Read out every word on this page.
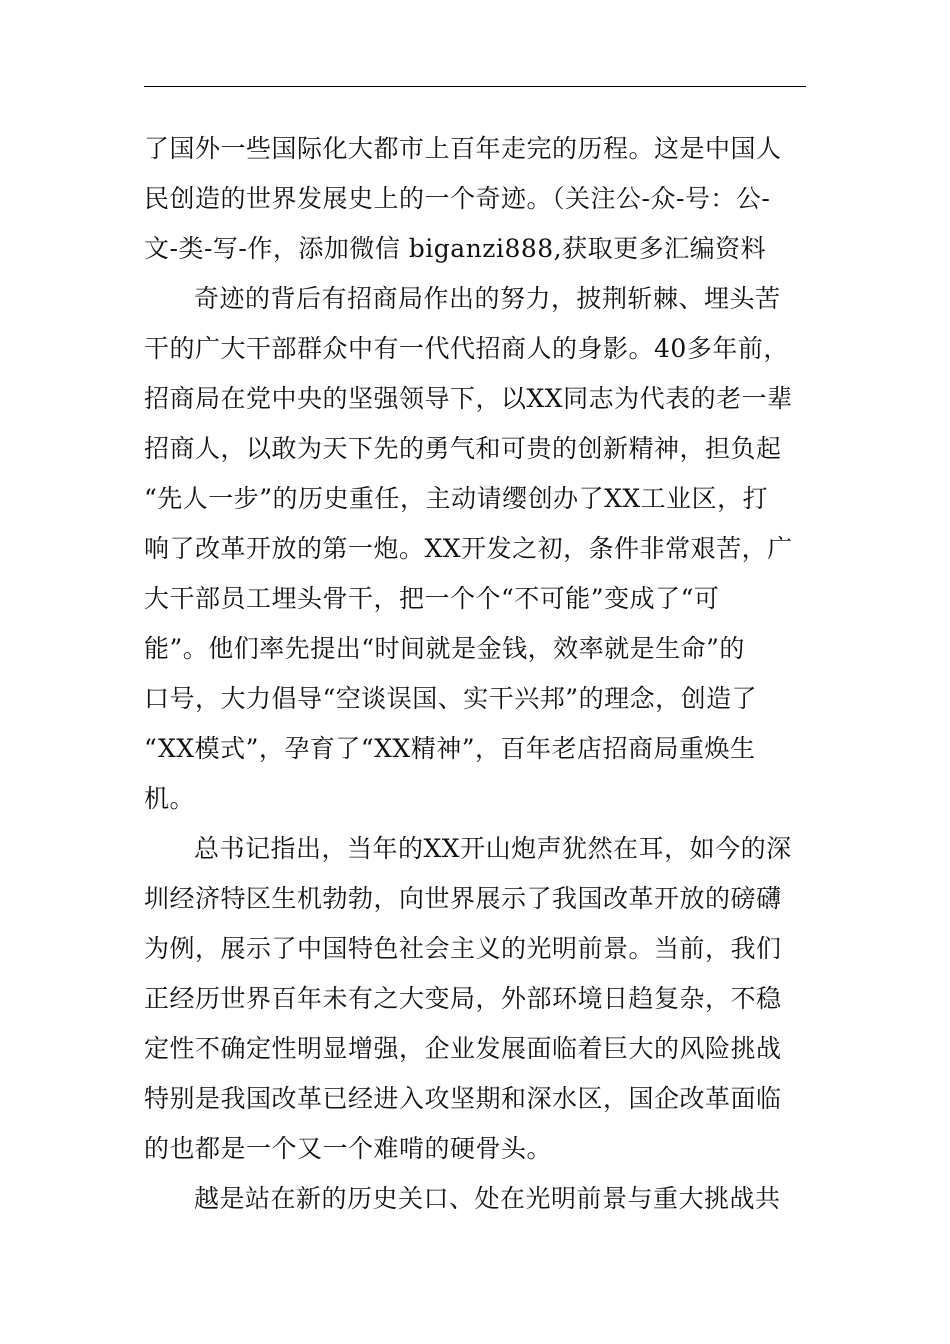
了国外一些国际化大都市上百年走完的历程。这是中国人
民创造的世界发展史上的一个奇迹。（关注公-众-号：公-
文-类-写-作，添加微信 biganzi888,获取更多汇编资料
奇迹的背后有招商局作出的努力，披荆斩棘、埋头苦
干的广大干部群众中有一代代招商人的身影。40多年前，
招商局在党中央的坚强领导下，以XX同志为代表的老一辈
招商人，以敢为天下先的勇气和可贵的创新精神，担负起
“先人一步”的历史重任，主动请缨创办了XX工业区，打
响了改革开放的第一炮。XX开发之初，条件非常艰苦，广
大干部员工埋头骨干，把一个个“不可能”变成了“可
能”。他们率先提出“时间就是金钱，效率就是生命”的
口号，大力倡导“空谈误国、实干兴邦”的理念，创造了
“XX模式”，孕育了“XX精神”，百年老店招商局重焕生
机。
总书记指出，当年的XX开山炮声犹然在耳，如今的深
圳经济特区生机勃勃，向世界展示了我国改革开放的磅礴
为例，展示了中国特色社会主义的光明前景。当前，我们
正经历世界百年未有之大变局，外部环境日趋复杂，不稳
定性不确定性明显增强，企业发展面临着巨大的风险挑战
特别是我国改革已经进入攻坚期和深水区，国企改革面临
的也都是一个又一个难啃的硬骨头。
越是站在新的历史关口、处在光明前景与重大挑战共
